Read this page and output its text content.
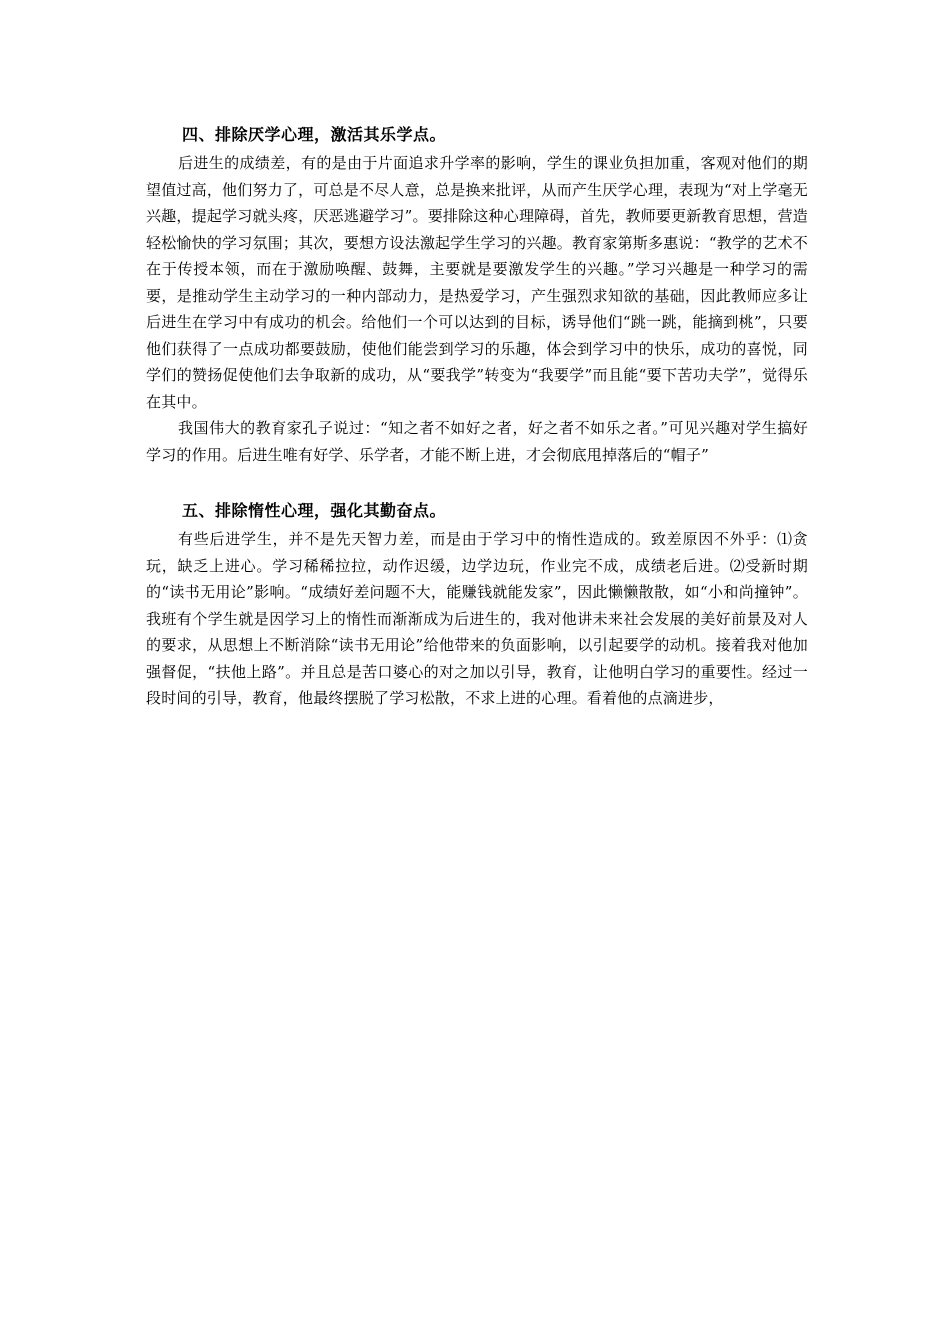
四、排除厌学心理，激活其乐学点。

后进生的成绩差，有的是由于片面追求升学率的影响，学生的课业负担加重，客观对他们的期望值过高，他们努力了，可总是不尽人意，总是换来批评，从而产生厌学心理，表现为“对上学毫无兴趣，提起学习就头疼，厌恶逃避学习”。要排除这种心理障碍，首先，教师要更新教育思想，营造轻松愉快的学习氛围；其次，要想方设法激起学生学习的兴趣。教育家第斯多惠说：“教学的艺术不在于传授本领，而在于激励唤醒、鼓舞，主要就是要激发学生的兴趣。”学习兴趣是一种学习的需要，是推动学生主动学习的一种内部动力，是热爱学习，产生强烈求知欲的基础，因此教师应多让后进生在学习中有成功的机会。给他们一个可以达到的目标，诱导他们“跳一跳，能摘到桃”，只要他们获得了一点成功都要鼓励，使他们能尝到学习的乐趣，体会到学习中的快乐，成功的喜悦，同学们的赞扬促使他们去争取新的成功，从“要我学”转变为“我要学”而且能“要下苦功夫学”，觉得乐在其中。

我国伟大的教育家孔子说过：“知之者不如好之者，好之者不如乐之者。”可见兴趣对学生搞好学习的作用。后进生唯有好学、乐学者，才能不断上进，才会彻底甩掉落后的“帽子”

五、排除惰性心理，强化其勤奋点。

有些后进学生，并不是先天智力差，而是由于学习中的惰性造成的。致差原因不外乎：⑴贪玩，缺乏上进心。学习稀稀拉拉，动作迟缓，边学边玩，作业完不成，成绩老后进。⑵受新时期的“读书无用论”影响。“成绩好差问题不大，能赚钱就能发家”，因此懒懒散散，如“小和尚撞钟”。我班有个学生就是因学习上的惰性而渐渐成为后进生的，我对他讲未来社会发展的美好前景及对人的要求，从思想上不断消除“读书无用论”给他带来的负面影响，以引起要学的动机。接着我对他加强督促，“扶他上路”。并且总是苦口婆心的对之加以引导，教育，让他明白学习的重要性。经过一段时间的引导，教育，他最终摆脱了学习松散，不求上进的心理。看着他的点滴进步，
